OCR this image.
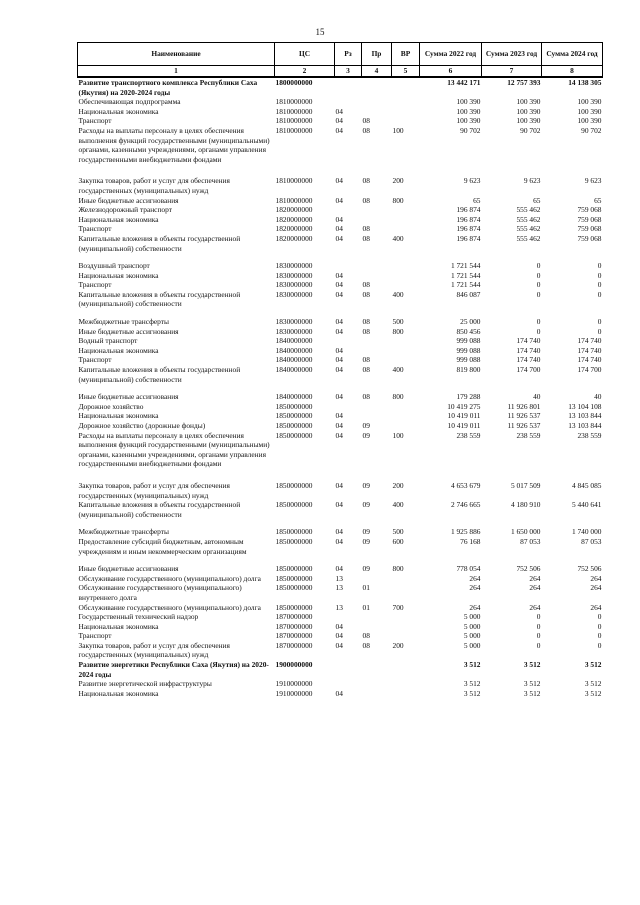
15
Наименование	ЦС	Рз	Пр	ВР	Сумма 2022 год	Сумма 2023 год	Сумма 2024 год
1	2	3	4	5	6	7	8
Развитие транспортного комплекса Республики Саха (Якутия) на 2020-2024 годы	1800000000				13 442 171	12 757 393	14 138 305
Обеспечивающая подпрограмма	1810000000				100 390	100 390	100 390
Национальная экономика	1810000000	04			100 390	100 390	100 390
Транспорт	1810000000	04	08		100 390	100 390	100 390
Расходы на выплаты персоналу в целях обеспечения выполнения функций государственными (муниципальными) органами, казенными учреждениями, органами управления государственными внебюджетными фондами	1810000000	04	08	100	90 702	90 702	90 702
Закупка товаров, работ и услуг для обеспечения государственных (муниципальных) нужд	1810000000	04	08	200	9 623	9 623	9 623
Иные бюджетные ассигнования	1810000000	04	08	800	65	65	65
Железнодорожный транспорт	1820000000				196 874	555 462	759 068
Национальная экономика	1820000000	04			196 874	555 462	759 068
Транспорт	1820000000	04	08		196 874	555 462	759 068
Капитальные вложения в объекты государственной (муниципальной) собственности	1820000000	04	08	400	196 874	555 462	759 068
Воздушный транспорт	1830000000				1 721 544	0	0
Национальная экономика	1830000000	04			1 721 544	0	0
Транспорт	1830000000	04	08		1 721 544	0	0
Капитальные вложения в объекты государственной (муниципальной) собственности	1830000000	04	08	400	846 087	0	0
Межбюджетные трансферты	1830000000	04	08	500	25 000	0	0
Иные бюджетные ассигнования	1830000000	04	08	800	850 456	0	0
Водный транспорт	1840000000				999 088	174 740	174 740
Национальная экономика	1840000000	04			999 088	174 740	174 740
Транспорт	1840000000	04	08		999 088	174 740	174 740
Капитальные вложения в объекты государственной (муниципальной) собственности	1840000000	04	08	400	819 800	174 700	174 700
Иные бюджетные ассигнования	1840000000	04	08	800	179 288	40	40
Дорожное хозяйство	1850000000				10 419 275	11 926 801	13 104 108
Национальная экономика	1850000000	04			10 419 011	11 926 537	13 103 844
Дорожное хозяйство (дорожные фонды)	1850000000	04	09		10 419 011	11 926 537	13 103 844
Расходы на выплаты персоналу в целях обеспечения выполнения функций государственными (муниципальными) органами, казенными учреждениями, органами управления государственными внебюджетными фондами	1850000000	04	09	100	238 559	238 559	238 559
Закупка товаров, работ и услуг для обеспечения государственных (муниципальных) нужд	1850000000	04	09	200	4 653 679	5 017 509	4 845 085
Капитальные вложения в объекты государственной (муниципальной) собственности	1850000000	04	09	400	2 746 665	4 180 910	5 440 641
Межбюджетные трансферты	1850000000	04	09	500	1 925 886	1 650 000	1 740 000
Предоставление субсидий бюджетным, автономным учреждениям и иным некоммерческим организациям	1850000000	04	09	600	76 168	87 053	87 053
Иные бюджетные ассигнования	1850000000	04	09	800	778 054	752 506	752 506
Обслуживание государственного (муниципального) долга	1850000000	13			264	264	264
Обслуживание государственного (муниципального) внутреннего долга	1850000000	13	01		264	264	264
Обслуживание государственного (муниципального) долга	1850000000	13	01	700	264	264	264
Государственный технический надзор	1870000000				5 000	0	0
Национальная экономика	1870000000	04			5 000	0	0
Транспорт	1870000000	04	08		5 000	0	0
Закупка товаров, работ и услуг для обеспечения государственных (муниципальных) нужд	1870000000	04	08	200	5 000	0	0
Развитие энергетики Республики Саха (Якутия) на 2020-2024 годы	1900000000				3 512	3 512	3 512
Развитие энергетической инфраструктуры	1910000000				3 512	3 512	3 512
Национальная экономика	1910000000	04			3 512	3 512	3 512
